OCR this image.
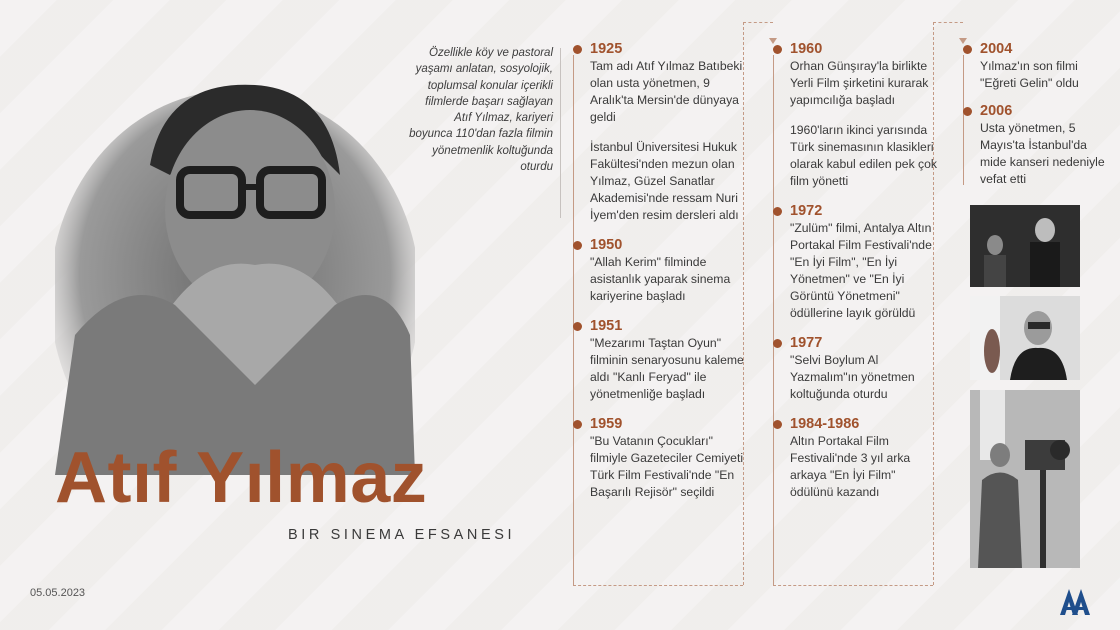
Özellikle köy ve pastoral yaşamı anlatan, sosyolojik, toplumsal konular içerikli filmlerde başarı sağlayan Atıf Yılmaz, kariyeri boyunca 110'dan fazla filmin yönetmenlik koltuğunda oturdu
Atıf Yılmaz
BIR SINEMA EFSANESI
05.05.2023
1925
Tam adı Atıf Yılmaz Batıbeki olan usta yönetmen, 9 Aralık'ta Mersin'de dünyaya geldi
İstanbul Üniversitesi Hukuk Fakültesi'nden mezun olan Yılmaz, Güzel Sanatlar Akademisi'nde ressam Nuri İyem'den resim dersleri aldı
1950
"Allah Kerim" filminde asistanlık yaparak sinema kariyerine başladı
1951
"Mezarımı Taştan Oyun" filminin senaryosunu kaleme aldı "Kanlı Feryad" ile yönetmenliğe başladı
1959
"Bu Vatanın Çocukları" filmiyle Gazeteciler Cemiyeti Türk Film Festivali'nde "En Başarılı Rejisör" seçildi
1960
Orhan Günşıray'la birlikte Yerli Film şirketini kurarak yapımcılığa başladı
1960'ların ikinci yarısında Türk sinemasının klasikleri olarak kabul edilen pek çok film yönetti
1972
"Zulüm" filmi, Antalya Altın Portakal Film Festivali'nde "En İyi Film", "En İyi Yönetmen" ve "En İyi Görüntü Yönetmeni" ödüllerine layık görüldü
1977
"Selvi Boylum Al Yazmalım"ın yönetmen koltuğunda oturdu
1984-1986
Altın Portakal Film Festivali'nde 3 yıl arka arkaya "En İyi Film" ödülünü kazandı
2004
Yılmaz'ın son filmi "Eğreti Gelin" oldu
2006
Usta yönetmen, 5 Mayıs'ta İstanbul'da mide kanseri nedeniyle vefat etti
